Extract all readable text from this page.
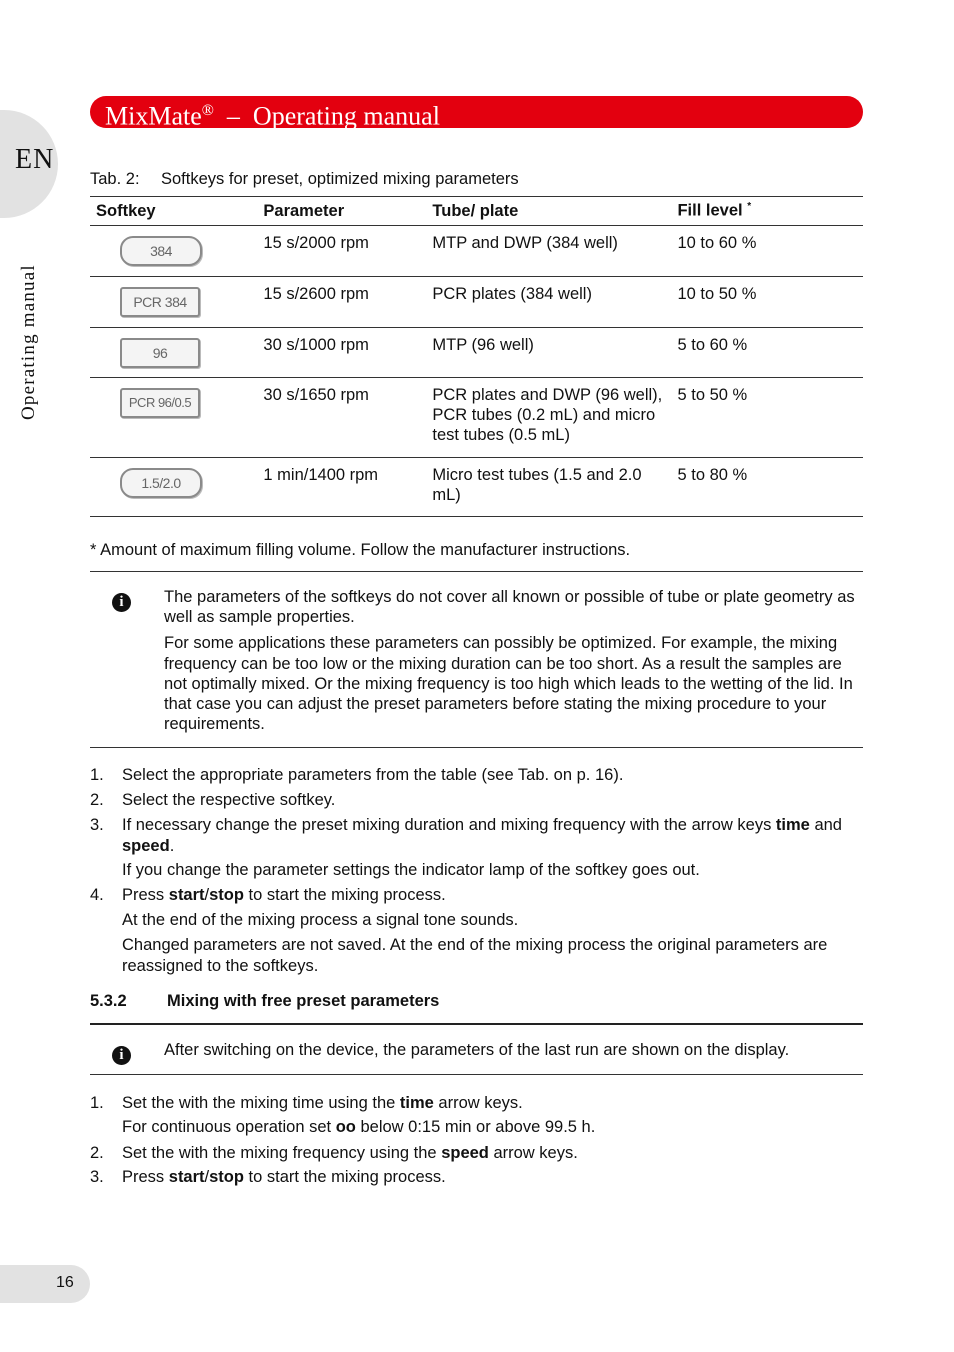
EN
Operating manual
MixMate® – Operating manual
Tab. 2: Softkeys for preset, optimized mixing parameters
Softkey	Parameter	Tube/ plate	Fill level *
384	15 s/2000 rpm	MTP and DWP (384 well)	10 to 60 %
PCR 384	15 s/2600 rpm	PCR plates (384 well)	10 to 50 %
96	30 s/1000 rpm	MTP (96 well)	5 to 60 %
PCR 96/0.5	30 s/1650 rpm	PCR plates and DWP (96 well), PCR tubes (0.2 mL) and micro test tubes (0.5 mL)	5 to 50 %
1.5/2.0	1 min/1400 rpm	Micro test tubes (1.5 and 2.0 mL)	5 to 80 %
* Amount of maximum filling volume. Follow the manufacturer instructions.
i	The parameters of the softkeys do not cover all known or possible of tube or plate geometry as well as sample properties.

For some applications these parameters can possibly be optimized. For example, the mixing frequency can be too low or the mixing duration can be too short. As a result the samples are not optimally mixed. Or the mixing frequency is too high which leads to the wetting of the lid. In that case you can adjust the preset parameters before stating the mixing procedure to your requirements.

1.	Select the appropriate parameters from the table (see Tab. on p. 16).
2.	Select the respective softkey.
3.	If necessary change the preset mixing duration and mixing frequency with the arrow keys time and speed.
If you change the parameter settings the indicator lamp of the softkey goes out.
4.	Press start/stop to start the mixing process.
At the end of the mixing process a signal tone sounds.
Changed parameters are not saved. At the end of the mixing process the original parameters are reassigned to the softkeys.
5.3.2 Mixing with free preset parameters
i	After switching on the device, the parameters of the last run are shown on the display.
1.	Set the with the mixing time using the time arrow keys.
For continuous operation set oo below 0:15 min or above 99.5 h.
2.	Set the with the mixing frequency using the speed arrow keys.
3.	Press start/stop to start the mixing process.
16
